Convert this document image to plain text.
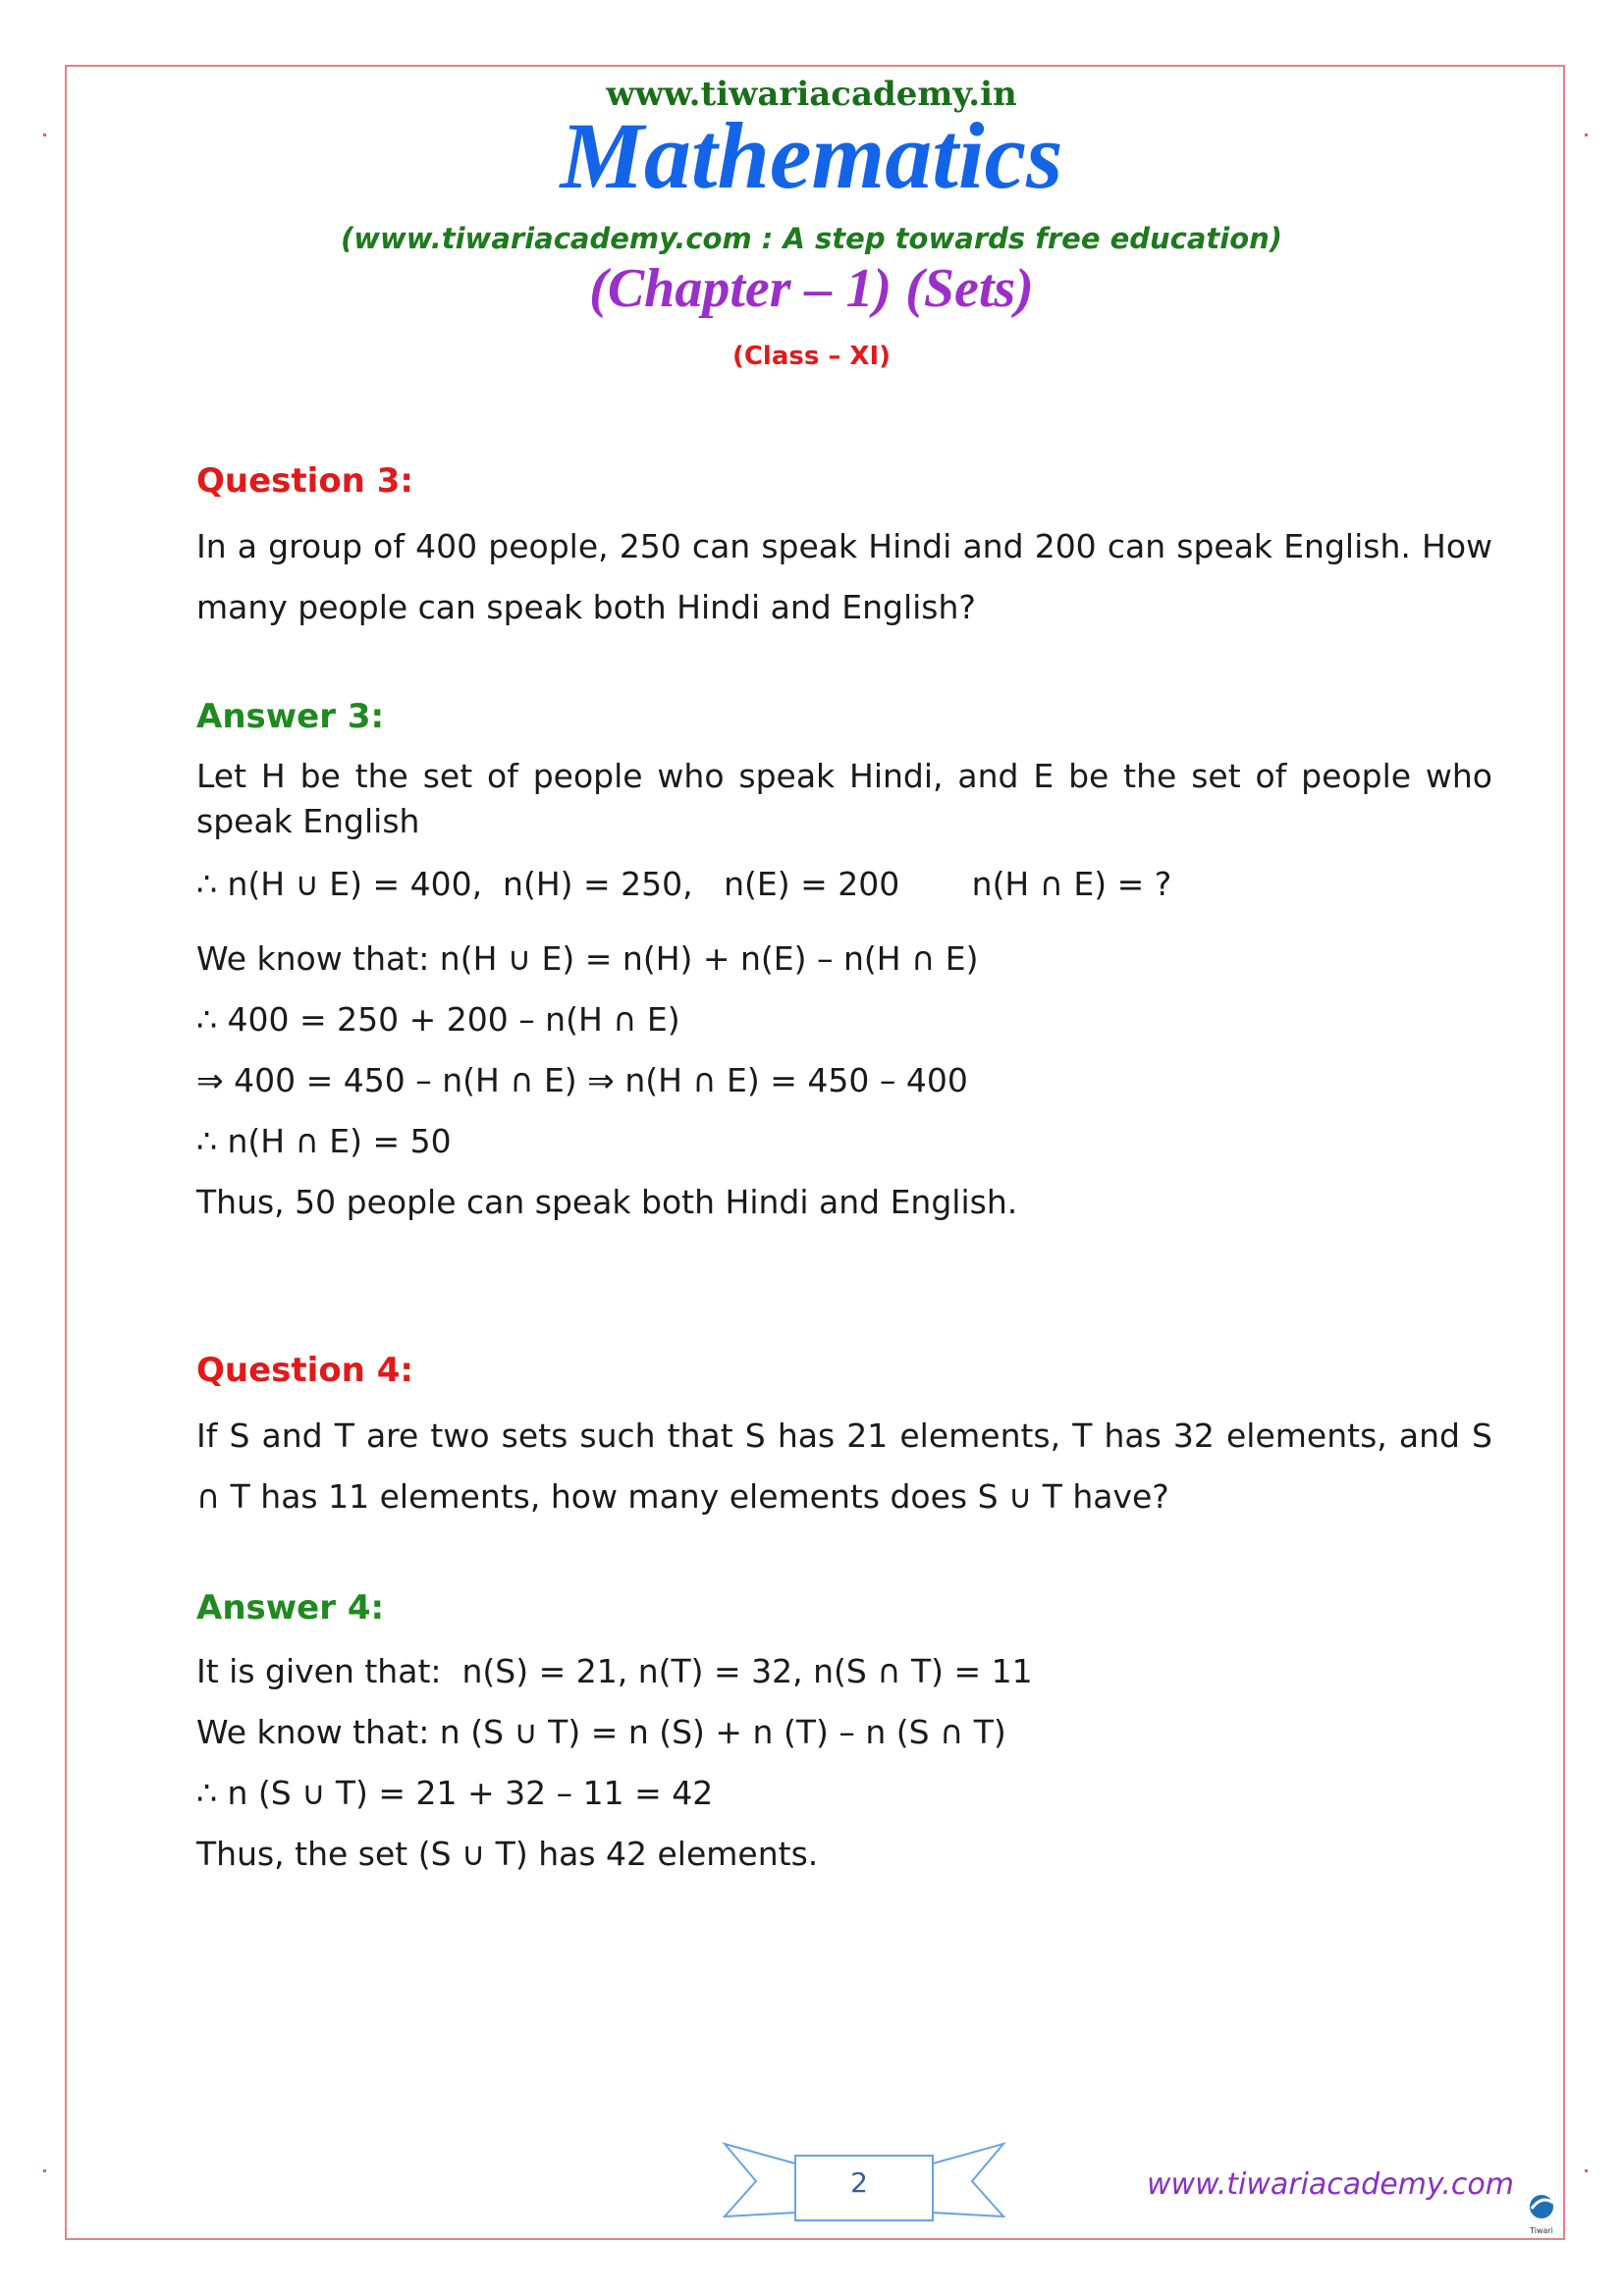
www.tiwariacademy.in
Mathematics
(www.tiwariacademy.com : A step towards free education)
(Chapter – 1) (Sets)
(Class – XI)
Question 3:
In a group of 400 people, 250 can speak Hindi and 200 can speak English. How many people can speak both Hindi and English?
Answer 3:
Let H be the set of people who speak Hindi, and E be the set of people who speak English
∴ n(H ∪ E) = 400,  n(H) = 250,   n(E) = 200       n(H ∩ E) = ?
We know that: n(H ∪ E) = n(H) + n(E) – n(H ∩ E)
∴ 400 = 250 + 200 – n(H ∩ E)
⇒ 400 = 450 – n(H ∩ E) ⇒ n(H ∩ E) = 450 – 400
∴ n(H ∩ E) = 50
Thus, 50 people can speak both Hindi and English.
Question 4:
If S and T are two sets such that S has 21 elements, T has 32 elements, and S ∩ T has 11 elements, how many elements does S ∪ T have?
Answer 4:
It is given that:  n(S) = 21, n(T) = 32, n(S ∩ T) = 11
We know that: n (S ∪ T) = n (S) + n (T) – n (S ∩ T)
∴ n (S ∪ T) = 21 + 32 – 11 = 42
Thus, the set (S ∪ T) has 42 elements.
2	www.tiwariacademy.com
Tiwari
